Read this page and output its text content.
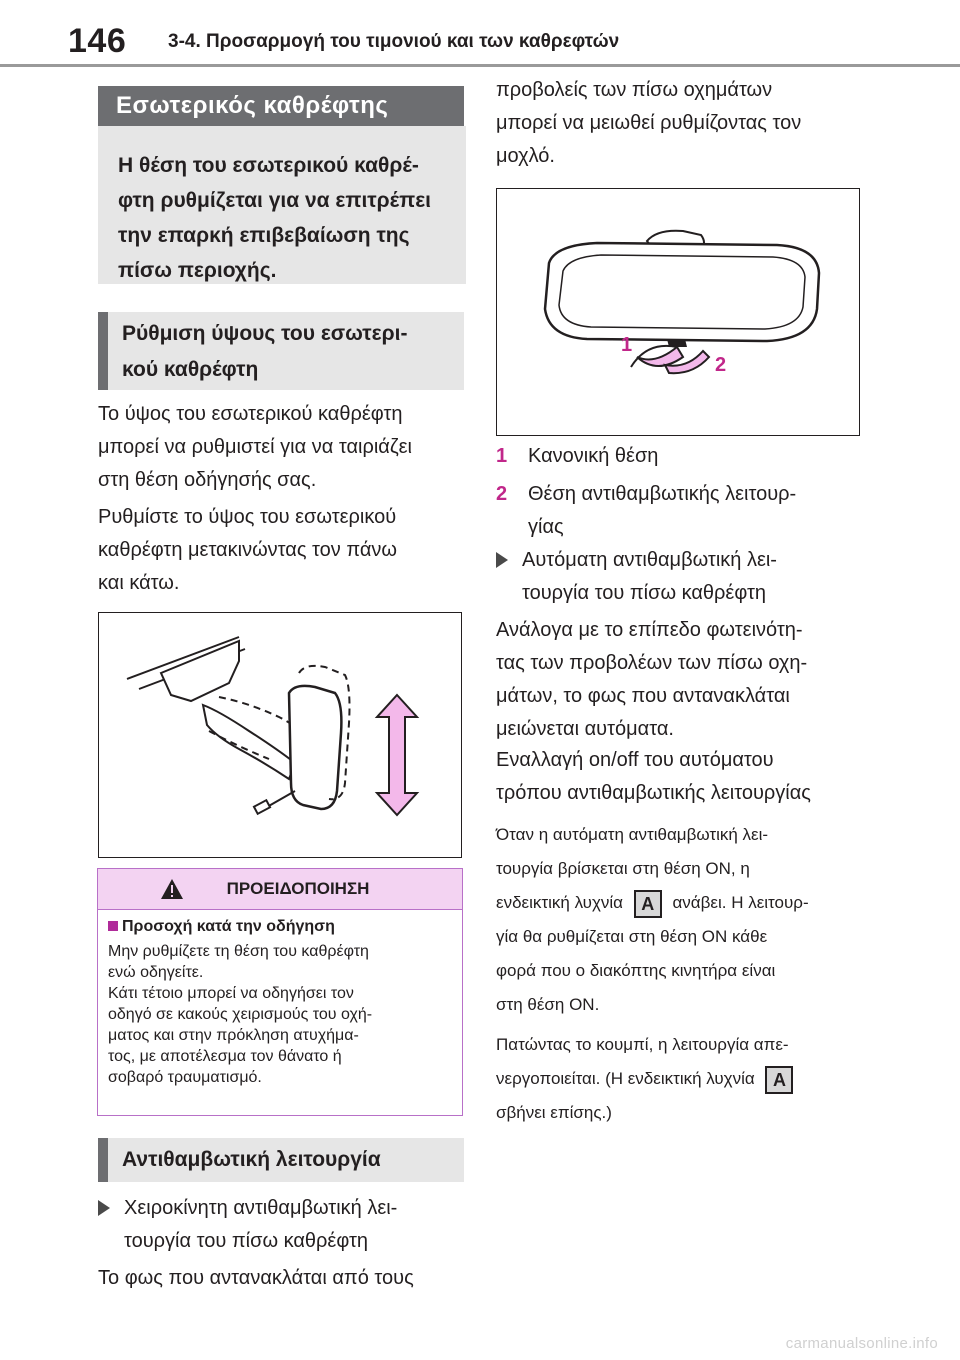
146 3-4. Προσαρμογή του τιμονιού και των καθρεφτών
Εσωτερικός καθρέφτης
Η θέση του εσωτερικού καθρέ-
φτη ρυθμίζεται για να επιτρέπει
την επαρκή επιβεβαίωση της
πίσω περιοχής.
Ρύθμιση ύψους του εσωτερι-
κού καθρέφτη
Το ύψος του εσωτερικού καθρέφτη
μπορεί να ρυθμιστεί για να ταιριάζει
στη θέση οδήγησής σας.
Ρυθμίστε το ύψος του εσωτερικού
καθρέφτη μετακινώντας τον πάνω
και κάτω.
ΠΡΟΕΙΔΟΠΟΙΗΣΗ
Προσοχή κατά την οδήγηση
Μην ρυθμίζετε τη θέση του καθρέφτη
ενώ οδηγείτε.
Κάτι τέτοιο μπορεί να οδηγήσει τον
οδηγό σε κακούς χειρισμούς του οχή-
ματος και στην πρόκληση ατυχήμα-
τος, με αποτέλεσμα τον θάνατο ή
σοβαρό τραυματισμό.
Αντιθαμβωτική λειτουργία
Χειροκίνητη αντιθαμβωτική λει-
τουργία του πίσω καθρέφτη
Το φως που αντανακλάται από τους
προβολείς των πίσω οχημάτων
μπορεί να μειωθεί ρυθμίζοντας τον
μοχλό.
1
2
1 Κανονική θέση
2 Θέση αντιθαμβωτικής λειτουρ-
γίας
Αυτόματη αντιθαμβωτική λει-
τουργία του πίσω καθρέφτη
Ανάλογα με το επίπεδο φωτεινότη-
τας των προβολέων των πίσω οχη-
μάτων, το φως που αντανακλάται
μειώνεται αυτόματα.
Εναλλαγή on/off του αυτόματου
τρόπου αντιθαμβωτικής λειτουργίας
Όταν η αυτόματη αντιθαμβωτική λει-
τουργία βρίσκεται στη θέση ON, η
ενδεικτική λυχνία A ανάβει. Η λειτουρ-
γία θα ρυθμίζεται στη θέση ON κάθε
φορά που ο διακόπτης κινητήρα είναι
στη θέση ON.
Πατώντας το κουμπί, η λειτουργία απε-
νεργοποιείται. (Η ενδεικτική λυχνία A
σβήνει επίσης.)
carmanualsonline.info
